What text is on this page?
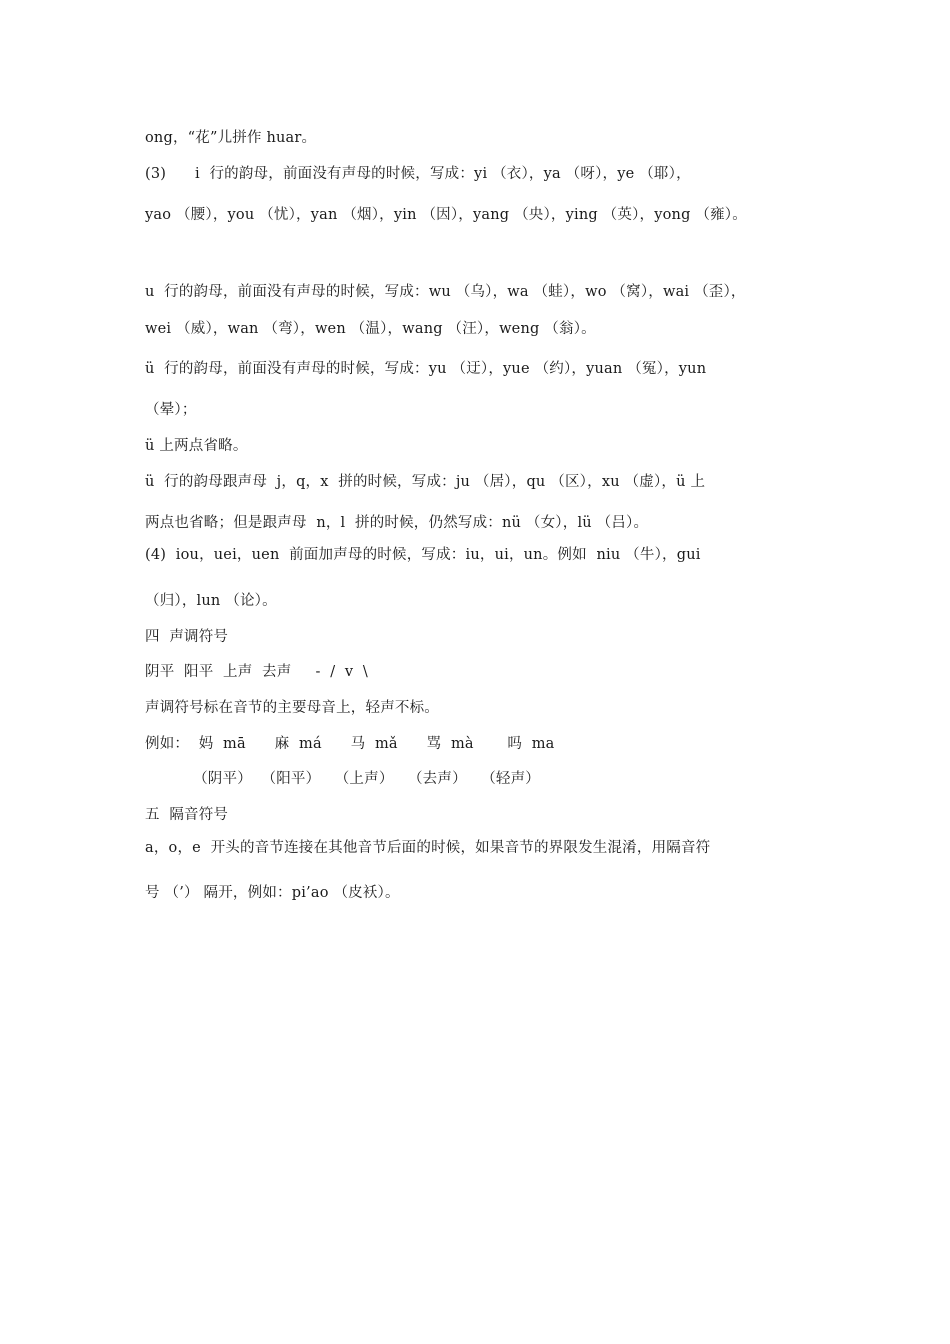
ong，“花”儿拼作 huar。
(3)      i  行的韵母，前面没有声母的时候，写成：yi （衣），ya （呀），ye （耶），
yao （腰），you （忧），yan （烟），yin （因），yang （央），ying （英），yong （雍）。
u  行的韵母，前面没有声母的时候，写成：wu （乌），wa （蛙），wo （窝），wai （歪），
wei （威），wan （弯），wen （温），wang （汪），weng （翁）。
ü  行的韵母，前面没有声母的时候，写成：yu （迂），yue （约），yuan （冤），yun
（晕）；
ü 上两点省略。
ü  行的韵母跟声母  j，q，x  拼的时候，写成：ju （居），qu （区），xu （虚），ü 上
两点也省略；但是跟声母  n，l  拼的时候，仍然写成：nü （女），lü （吕）。
(4)  iou，uei，uen  前面加声母的时候，写成：iu，ui，un。例如  niu （牛），gui
（归），lun （论）。
四  声调符号
阴平  阳平  上声  去声     -  /  v  \
声调符号标在音节的主要母音上，轻声不标。
例如：  妈  mā      麻  má      马  mǎ      骂  mà       吗  ma
（阴平）  （阳平）   （上声）   （去声）   （轻声）
五  隔音符号
a，o，e  开头的音节连接在其他音节后面的时候，如果音节的界限发生混淆，用隔音符
号 （’） 隔开，例如：pi’ao （皮袄）。
